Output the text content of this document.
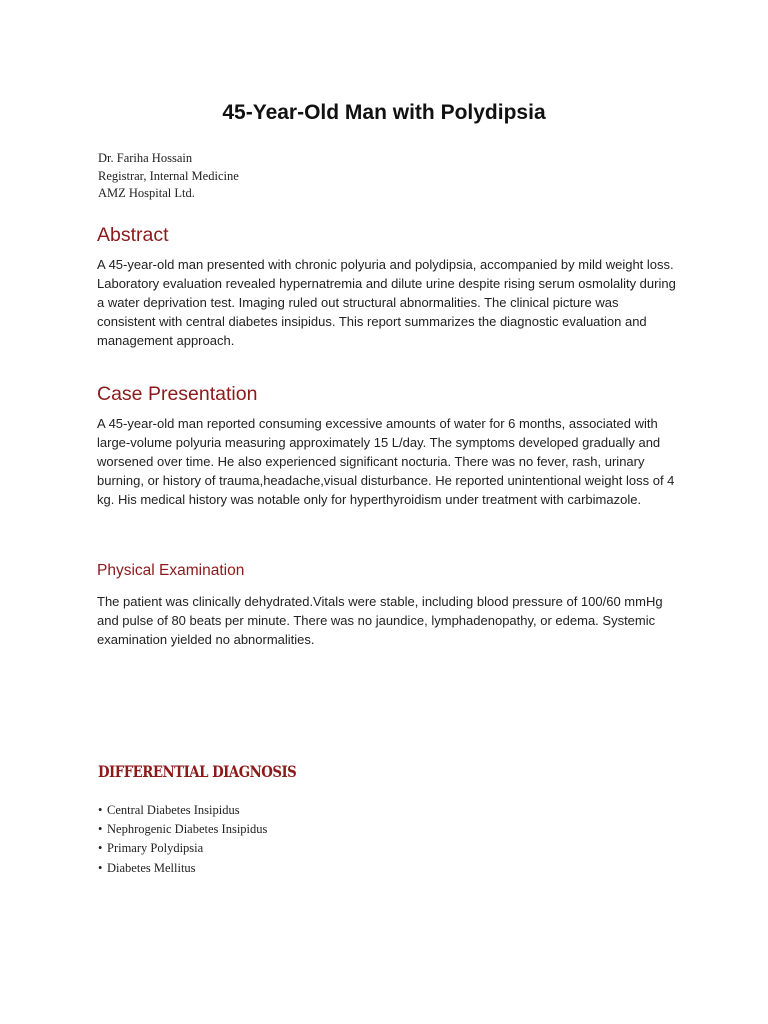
45-Year-Old Man with Polydipsia
Dr. Fariha Hossain
Registrar, Internal Medicine
AMZ Hospital Ltd.
Abstract

A 45-year-old man presented with chronic polyuria and polydipsia, accompanied by mild weight loss. Laboratory evaluation revealed hypernatremia and dilute urine despite rising serum osmolality during a water deprivation test. Imaging ruled out structural abnormalities. The clinical picture was consistent with central diabetes insipidus. This report summarizes the diagnostic evaluation and management approach.

Case Presentation

A 45-year-old man reported consuming excessive amounts of water for 6 months, associated with large-volume polyuria measuring approximately 15 L/day. The symptoms developed gradually and worsened over time. He also experienced significant nocturia. There was no fever, rash, urinary burning, or history of trauma,headache,visual disturbance. He reported unintentional weight loss of 4 kg. His medical history was notable only for hyperthyroidism under treatment with carbimazole.

Physical Examination

The patient was clinically dehydrated.Vitals were stable, including blood pressure of 100/60 mmHg and pulse of 80 beats per minute. There was no jaundice, lymphadenopathy, or edema. Systemic examination yielded no abnormalities.

DIFFERENTIAL DIAGNOSIS
• Central Diabetes Insipidus
• Nephrogenic Diabetes Insipidus
• Primary Polydipsia
• Diabetes Mellitus
